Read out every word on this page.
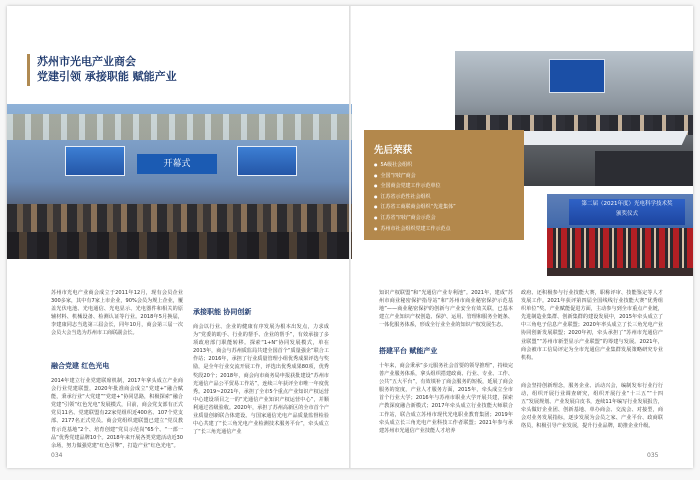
苏州市光电产业商会
党建引领 承接职能 赋能产业
开幕式
苏州市光电产业商会成立于2011年12月，现有会员企业300多家，其中有7家上市企业，90%会员为规上企业，覆盖光伏电池、光电通信、光电显示、光电器件和相关的原辅材料、机械设备、检测认证等行业。2018年5月换届，李建康同志当选第三届会长，同年10月，商会第三届一次会员大会当选为苏州市工商联副会长。
融合党建 红色光电
2014年建立行业党建联席机制，2017年拿头成立产业商会行业党建联盟，2020年批准商会成立“党建+”融合赋能，秉承行业“大党建”“党建+”协同思路，积极探索“融合党建”引领“红色光电”发展模式，目前，商会党支部有正式党员11名、党建联盟有22家党组织近400名、107个党支部、2177名正式党员。商会党组织建联盟已建立“党员教育示范基地”2个、培育创建“党员示范岗”65个、“一部一品”优秀党建品牌10个。2018年来开展各类党建活动近30余场，努力做强党建“红色引擎”，打造产业“红色光电”。
承接职能 协同创新
商会以行业、企业的健康有序发展为根本出发点，力求成为“党委的助手、行业的帮手、企业的帮手”，有效承接了多项政府部门职能转移。探索“1+N”协同发展模式，单在2013年，商会与苏州质监局共建全国首个“质量强企”联合工作站；2016年，承担了行业质量管理小组优秀成果评选与奖励，是全年行业交流开展工作，评选出优秀成果80项，优秀奖段20个；2018年，商会向市商务局申报获批建设“苏州市光通信产品公平贸易工作站”，连续三年获评全市唯一年度优秀。2019~2021年，承担了全市5个重点产业知识产权运营中心建设项目之一的“光通信产业知识产权运营中心”，并顺利通过省级验收。2020年，承担了苏州高新区的全市首个产业质量创新联合体建设。与国家通信光电产品质量监督检验中心共建了“长三角光电产业检测技术服务平台”，牵头成立了“长三角光通信产业
034
先后荣获
● 5A级社会组织
● 全国“四好”商会
● 全国商会党建工作示范单位
● 江苏省示范性社会组织
● 江苏省工商联商会组织“先进集体”
● 江苏省“四好”商会示范会
● 苏州市社会组织党建工作示范点
第二届（2021年度）光电科学技术奖
颁奖仪式
知识产权联盟”和“光通信产业专利池”。2021年，建成“苏州市商业秘密保护指导站”和“苏州市商业秘密保护示范基地”——商业秘密保护的创新与产业安全有效关联，已基本建立产业知识产权创造、保护、运用、管理和服务全链条、一体化服务体系，形成全行业全业的知识产权发展生态。
搭建平台 赋能产业
十年来，商会秉承“多元服务社会首要的领导推理”，持续完善产业服务体系，拿头组织搭建政商、行业、专业、工作、公共“五大平台”，有效填补了商会服务的短板，延展了商会服务的宽度，产业人才服务方面，2015年，牵头成立全市首个行业大学；2016年与苏州市职业大学开展共建，探索产教深度融合新模式；2017年牵头成立行业技能大师联合工作站，联合成立苏州市现代光电职业教育集团；2019年牵头成立长三角光电产业科技工作者联盟；2021年参与承建苏州市光通信产业技能人才培养
政府、还积极参与行业技能大赛，职称评审、技能鉴定等人才发展工作。2021年获评第四届全国线线行业技能大赛“优秀组织单位”奖。产业赋能促进方面，主动参与到全市重点产业链，先进制造业集群、创新集群的建设发展中，2015年牵头成立了中三角电子信息产业联盟；2020年率头成立了长三角光电产业协同创新发展联盟；2020年初，牵头承担了“苏州市光通信产业联盟”“苏州市新型显示产业联盟”的筹建与发展。2021年，商会被市工信局评定为全市光通信产业集群发展策略研究专业机构。
商会坚持创新理念，服务企业、活动兴会，编制发布行业行行动，组织开展行业调查研究，组织开展行业“十三五”“十四五”发展规划、产业发展白皮书，连续11年编写行业发展报告，牵头做好企业团、创新基地、单办商会、交流会、对接型，商会对业务发展指标，逐步发展为会员之家、产业平台、政商联络员，积极引导产业发展，提升行业品牌，助推企业升级。
035
